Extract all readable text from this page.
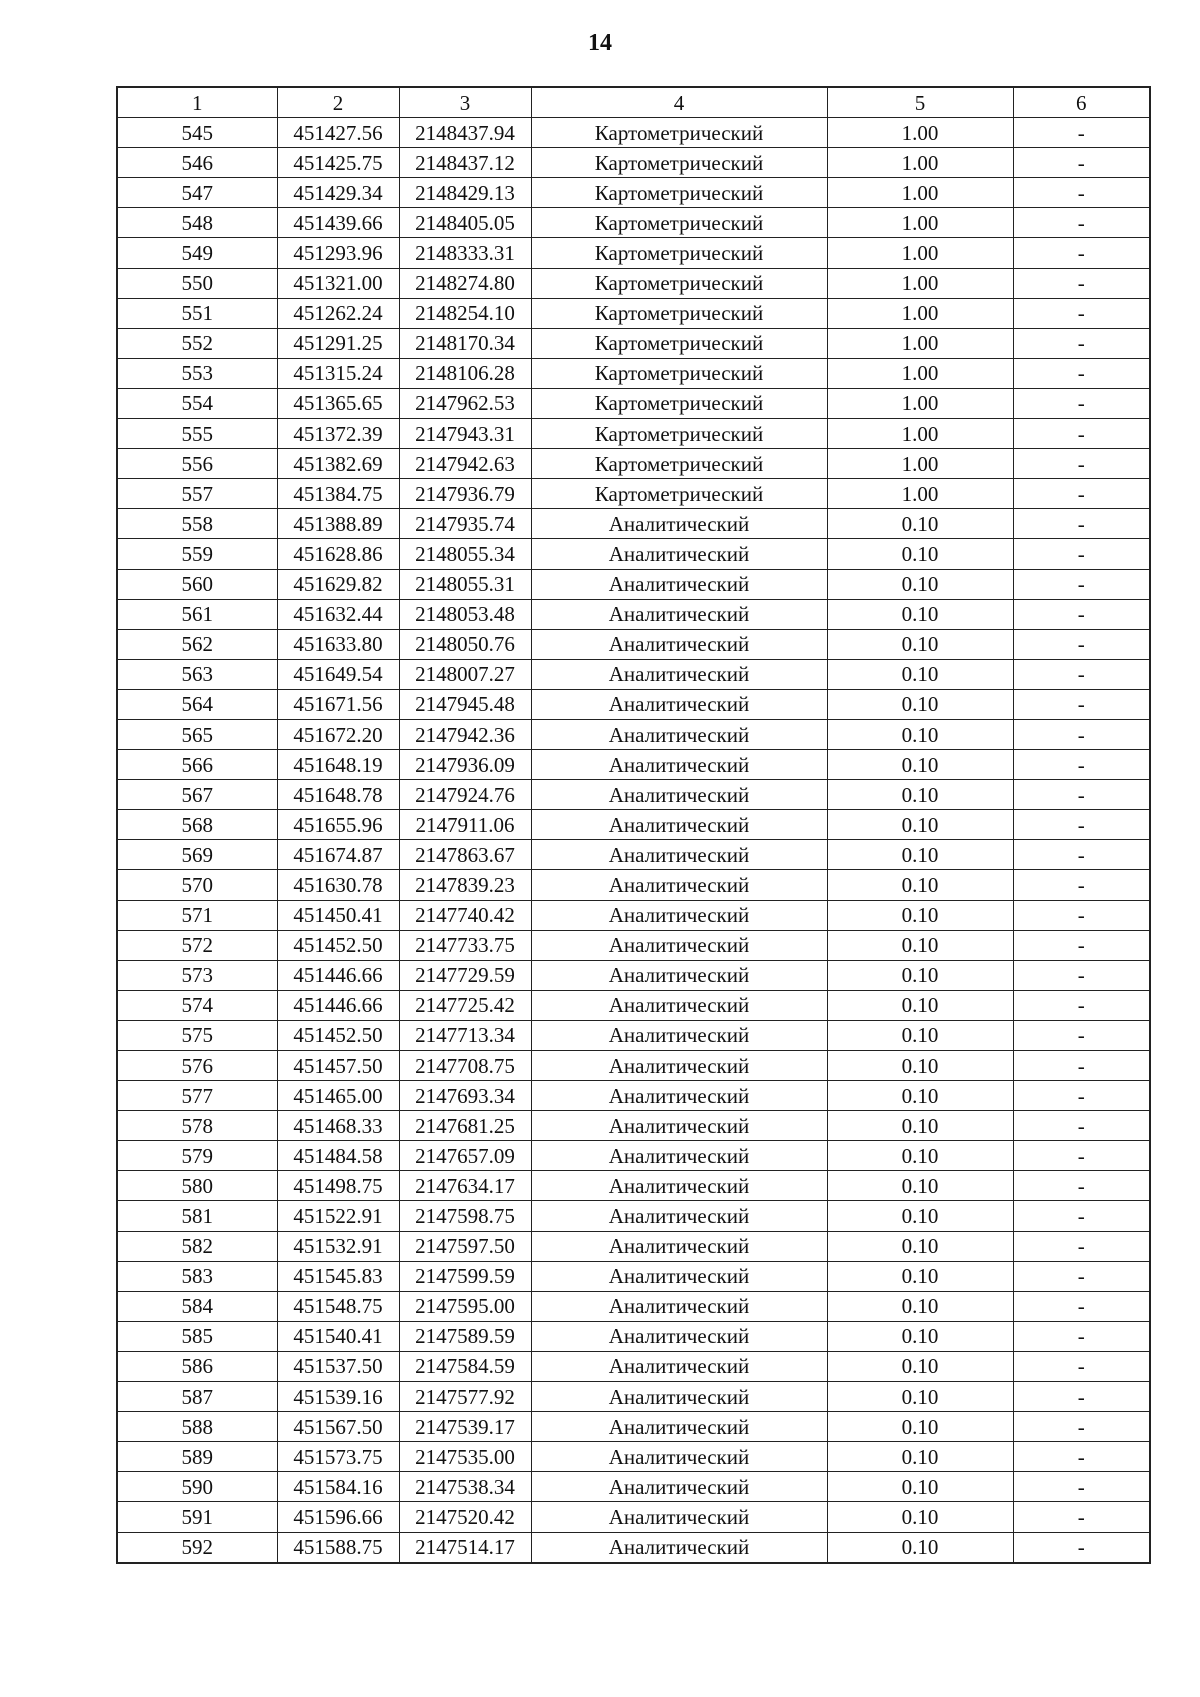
14
1	2	3	4	5	6
545	451427.56	2148437.94	Картометрический	1.00	-
546	451425.75	2148437.12	Картометрический	1.00	-
547	451429.34	2148429.13	Картометрический	1.00	-
548	451439.66	2148405.05	Картометрический	1.00	-
549	451293.96	2148333.31	Картометрический	1.00	-
550	451321.00	2148274.80	Картометрический	1.00	-
551	451262.24	2148254.10	Картометрический	1.00	-
552	451291.25	2148170.34	Картометрический	1.00	-
553	451315.24	2148106.28	Картометрический	1.00	-
554	451365.65	2147962.53	Картометрический	1.00	-
555	451372.39	2147943.31	Картометрический	1.00	-
556	451382.69	2147942.63	Картометрический	1.00	-
557	451384.75	2147936.79	Картометрический	1.00	-
558	451388.89	2147935.74	Аналитический	0.10	-
559	451628.86	2148055.34	Аналитический	0.10	-
560	451629.82	2148055.31	Аналитический	0.10	-
561	451632.44	2148053.48	Аналитический	0.10	-
562	451633.80	2148050.76	Аналитический	0.10	-
563	451649.54	2148007.27	Аналитический	0.10	-
564	451671.56	2147945.48	Аналитический	0.10	-
565	451672.20	2147942.36	Аналитический	0.10	-
566	451648.19	2147936.09	Аналитический	0.10	-
567	451648.78	2147924.76	Аналитический	0.10	-
568	451655.96	2147911.06	Аналитический	0.10	-
569	451674.87	2147863.67	Аналитический	0.10	-
570	451630.78	2147839.23	Аналитический	0.10	-
571	451450.41	2147740.42	Аналитический	0.10	-
572	451452.50	2147733.75	Аналитический	0.10	-
573	451446.66	2147729.59	Аналитический	0.10	-
574	451446.66	2147725.42	Аналитический	0.10	-
575	451452.50	2147713.34	Аналитический	0.10	-
576	451457.50	2147708.75	Аналитический	0.10	-
577	451465.00	2147693.34	Аналитический	0.10	-
578	451468.33	2147681.25	Аналитический	0.10	-
579	451484.58	2147657.09	Аналитический	0.10	-
580	451498.75	2147634.17	Аналитический	0.10	-
581	451522.91	2147598.75	Аналитический	0.10	-
582	451532.91	2147597.50	Аналитический	0.10	-
583	451545.83	2147599.59	Аналитический	0.10	-
584	451548.75	2147595.00	Аналитический	0.10	-
585	451540.41	2147589.59	Аналитический	0.10	-
586	451537.50	2147584.59	Аналитический	0.10	-
587	451539.16	2147577.92	Аналитический	0.10	-
588	451567.50	2147539.17	Аналитический	0.10	-
589	451573.75	2147535.00	Аналитический	0.10	-
590	451584.16	2147538.34	Аналитический	0.10	-
591	451596.66	2147520.42	Аналитический	0.10	-
592	451588.75	2147514.17	Аналитический	0.10	-
